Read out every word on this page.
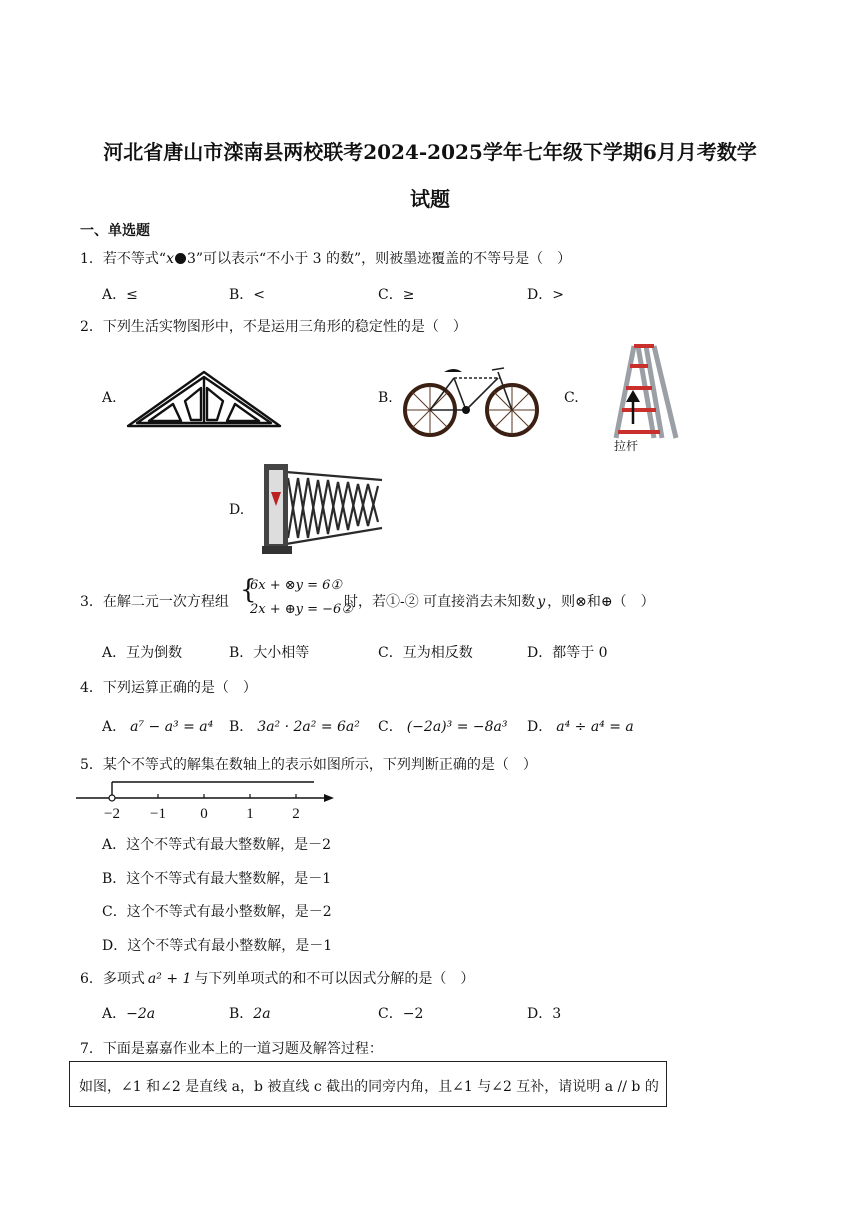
河北省唐山市滦南县两校联考2024-2025学年七年级下学期6月月考数学
试题
一、单选题
1．若不等式“x 3”可以表示“不小于 3 的数”，则被墨迹覆盖的不等号是（　）
A．≤	B．<	C．≥	D．>
2．下列生活实物图形中，不是运用三角形的稳定性的是（　）
A.	B.	C.
拉杆
D.
3．在解二元一次方程组 {
6x + ⊗y = 6①
2x + ⊕y = −6②
时，若①-② 可直接消去未知数 y ，则⊗和⊕（　）
A．互为倒数	B．大小相等	C．互为相反数	D．都等于 0
4．下列运算正确的是（　）
A． a⁷ − a³ = a⁴ B． 3a² · 2a² = 6a² C． (−2a)³ = −8a³ D． a⁴ ÷ a⁴ = a
5．某个不等式的解集在数轴上的表示如图所示，下列判断正确的是（　）
−2 −1 0	1	2
A．这个不等式有最大整数解，是－2
B．这个不等式有最大整数解，是－1
C．这个不等式有最小整数解，是－2
D．这个不等式有最小整数解，是－1
6．多项式 a² + 1 与下列单项式的和不可以因式分解的是（　）
A．−2a	B．2a	C．−2	D．3
7．下面是嘉嘉作业本上的一道习题及解答过程：
如图，∠1 和∠2 是直线 a，b 被直线 c 截出的同旁内角，且∠1 与∠2 互补，请说明 a // b 的
